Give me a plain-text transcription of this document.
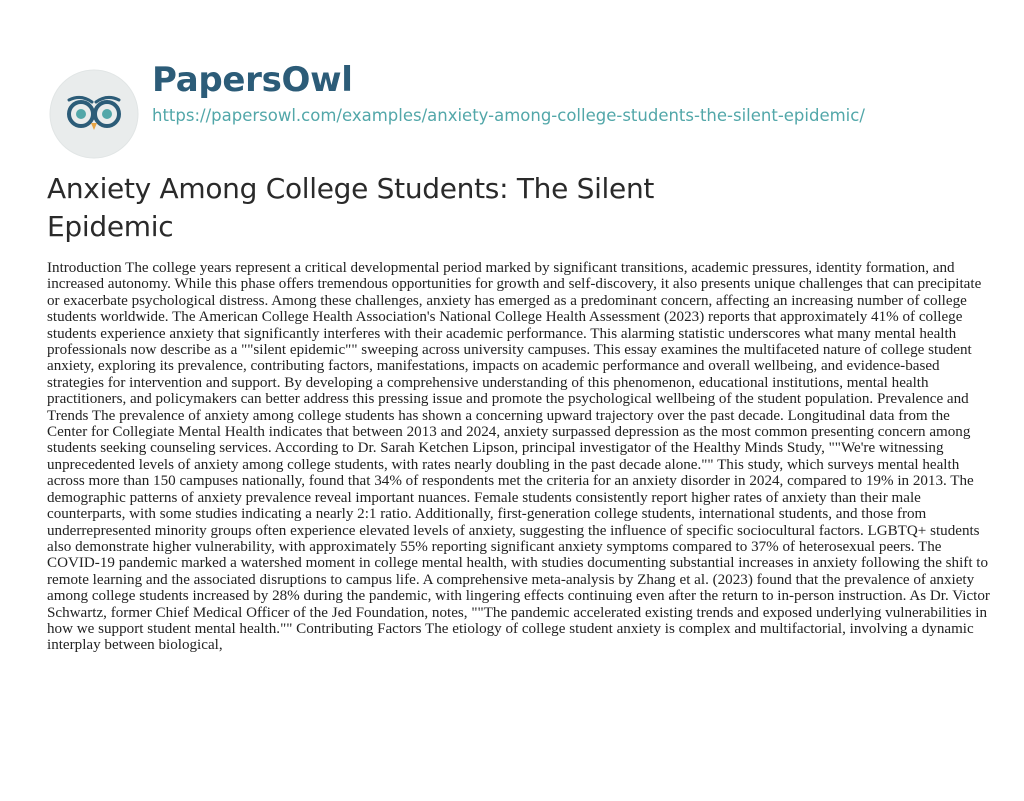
PapersOwl
https://papersowl.com/examples/anxiety-among-college-students-the-silent-epidemic/
Anxiety Among College Students: The Silent Epidemic

Introduction The college years represent a critical developmental period marked by significant transitions, academic pressures, identity formation, and increased autonomy. While this phase offers tremendous opportunities for growth and self-discovery, it also presents unique challenges that can precipitate or exacerbate psychological distress. Among these challenges, anxiety has emerged as a predominant concern, affecting an increasing number of college students worldwide. The American College Health Association's National College Health Assessment (2023) reports that approximately 41% of college students experience anxiety that significantly interferes with their academic performance. This alarming statistic underscores what many mental health professionals now describe as a ""silent epidemic"" sweeping across university campuses. This essay examines the multifaceted nature of college student anxiety, exploring its prevalence, contributing factors, manifestations, impacts on academic performance and overall wellbeing, and evidence-based strategies for intervention and support. By developing a comprehensive understanding of this phenomenon, educational institutions, mental health practitioners, and policymakers can better address this pressing issue and promote the psychological wellbeing of the student population. Prevalence and Trends The prevalence of anxiety among college students has shown a concerning upward trajectory over the past decade. Longitudinal data from the Center for Collegiate Mental Health indicates that between 2013 and 2024, anxiety surpassed depression as the most common presenting concern among students seeking counseling services. According to Dr. Sarah Ketchen Lipson, principal investigator of the Healthy Minds Study, ""We're witnessing unprecedented levels of anxiety among college students, with rates nearly doubling in the past decade alone."" This study, which surveys mental health across more than 150 campuses nationally, found that 34% of respondents met the criteria for an anxiety disorder in 2024, compared to 19% in 2013. The demographic patterns of anxiety prevalence reveal important nuances. Female students consistently report higher rates of anxiety than their male counterparts, with some studies indicating a nearly 2:1 ratio. Additionally, first-generation college students, international students, and those from underrepresented minority groups often experience elevated levels of anxiety, suggesting the influence of specific sociocultural factors. LGBTQ+ students also demonstrate higher vulnerability, with approximately 55% reporting significant anxiety symptoms compared to 37% of heterosexual peers. The COVID-19 pandemic marked a watershed moment in college mental health, with studies documenting substantial increases in anxiety following the shift to remote learning and the associated disruptions to campus life. A comprehensive meta-analysis by Zhang et al. (2023) found that the prevalence of anxiety among college students increased by 28% during the pandemic, with lingering effects continuing even after the return to in-person instruction. As Dr. Victor Schwartz, former Chief Medical Officer of the Jed Foundation, notes, ""The pandemic accelerated existing trends and exposed underlying vulnerabilities in how we support student mental health."" Contributing Factors The etiology of college student anxiety is complex and multifactorial, involving a dynamic interplay between biological,
